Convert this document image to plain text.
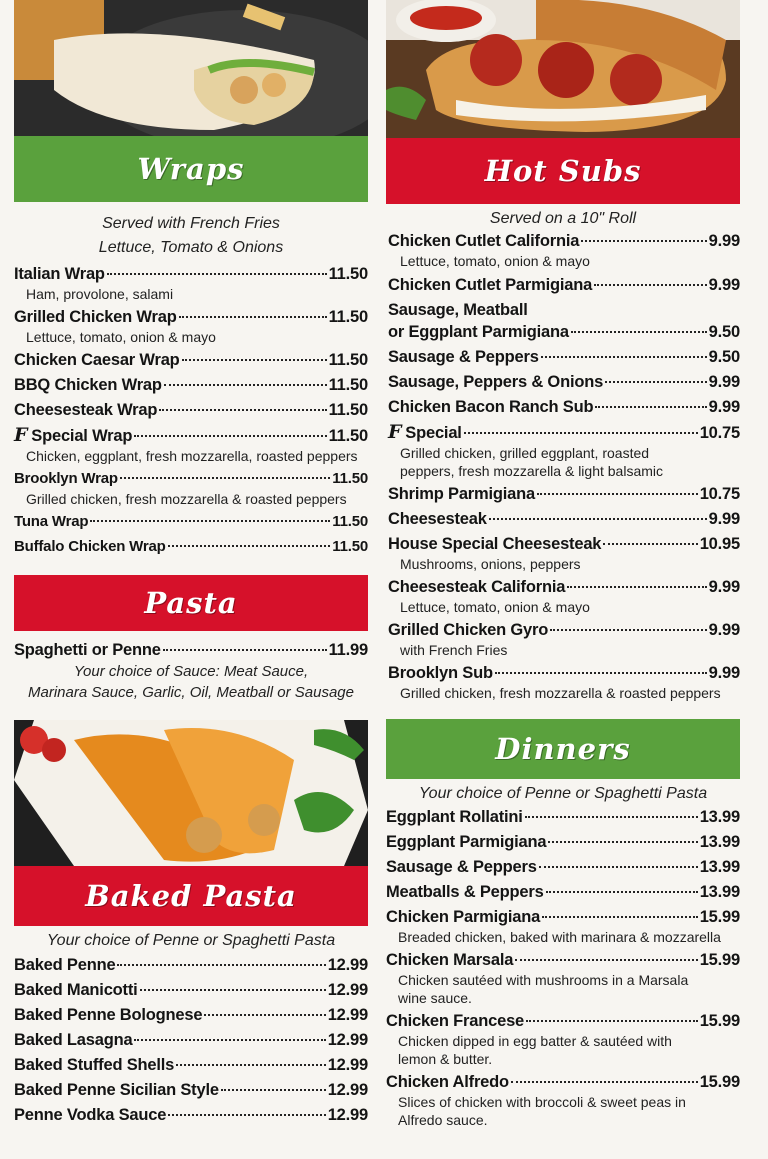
Wraps
Served with French Fries
Lettuce, Tomato & Onions
Italian Wrap	11.50
Ham, provolone, salami
Grilled Chicken Wrap	11.50
Lettuce, tomato, onion & mayo
Chicken Caesar Wrap	11.50
BBQ Chicken Wrap	11.50
Cheesesteak Wrap	11.50
F Special Wrap	11.50
Chicken, eggplant, fresh mozzarella, roasted peppers
Brooklyn Wrap	11.50
Grilled chicken, fresh mozzarella & roasted peppers
Tuna Wrap	11.50
Buffalo Chicken Wrap	11.50
Pasta
Spaghetti or Penne	11.99
Your choice of Sauce: Meat Sauce,
Marinara Sauce, Garlic, Oil, Meatball or Sausage
Baked Pasta
Your choice of Penne or Spaghetti Pasta
Baked Penne	12.99
Baked Manicotti	12.99
Baked Penne Bolognese	12.99
Baked Lasagna	12.99
Baked Stuffed Shells	12.99
Baked Penne Sicilian Style	12.99
Penne Vodka Sauce	12.99
Hot Subs
Served on a 10" Roll
Chicken Cutlet California	9.99
Lettuce, tomato, onion & mayo
Chicken Cutlet Parmigiana	9.99
Sausage, Meatball
or Eggplant Parmigiana	9.50
Sausage & Peppers	9.50
Sausage, Peppers & Onions	9.99
Chicken Bacon Ranch Sub	9.99
F Special	10.75
Grilled chicken, grilled eggplant, roasted peppers, fresh mozzarella & light balsamic
Shrimp Parmigiana	10.75
Cheesesteak	9.99
House Special Cheesesteak	10.95
Mushrooms, onions, peppers
Cheesesteak California	9.99
Lettuce, tomato, onion & mayo
Grilled Chicken Gyro	9.99
with French Fries
Brooklyn Sub	9.99
Grilled chicken, fresh mozzarella & roasted peppers
Dinners
Your choice of Penne or Spaghetti Pasta
Eggplant Rollatini	13.99
Eggplant Parmigiana	13.99
Sausage & Peppers	13.99
Meatballs & Peppers	13.99
Chicken Parmigiana	15.99
Breaded chicken, baked with marinara & mozzarella
Chicken Marsala	15.99
Chicken sautéed with mushrooms in a Marsala wine sauce.
Chicken Francese	15.99
Chicken dipped in egg batter & sautéed with lemon & butter.
Chicken Alfredo	15.99
Slices of chicken with broccoli & sweet peas in Alfredo sauce.
